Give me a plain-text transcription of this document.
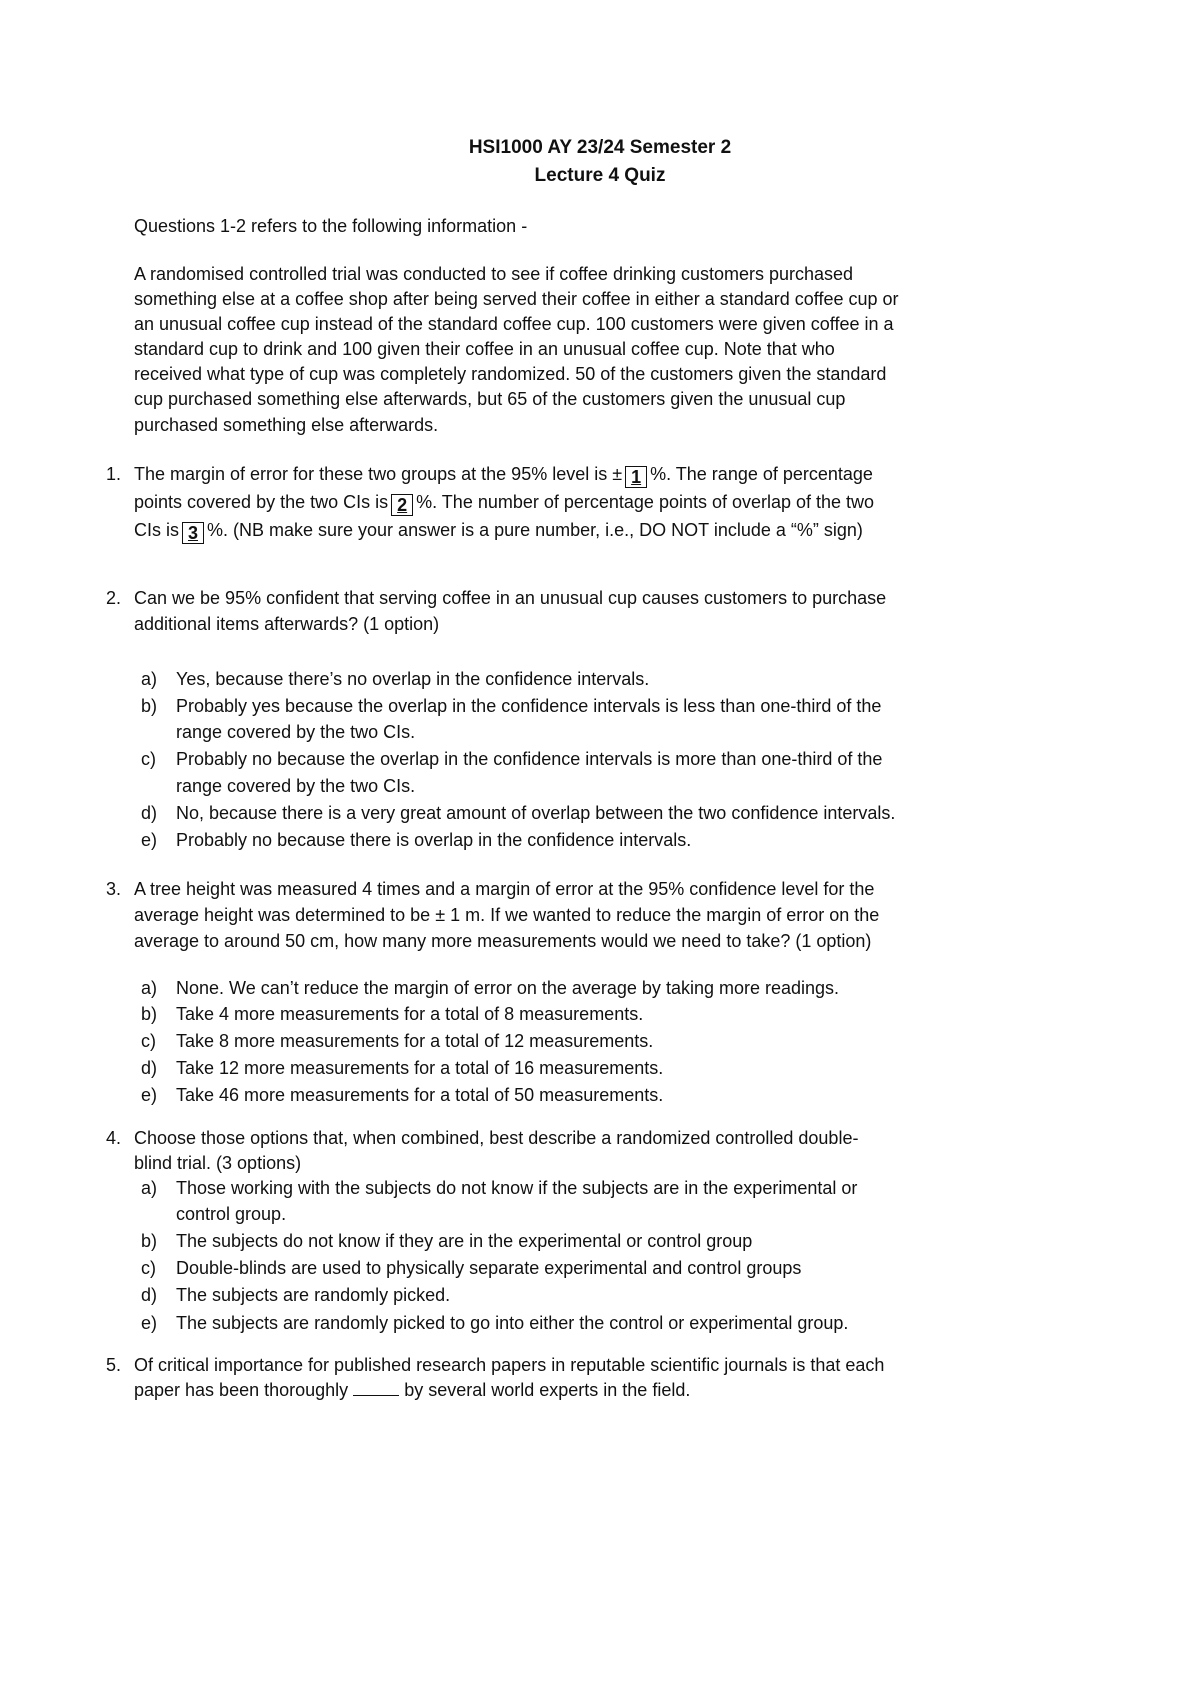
HSI1000 AY 23/24 Semester 2
Lecture 4 Quiz
Questions 1-2 refers to the following information -
A randomised controlled trial was conducted to see if coffee drinking customers purchased
something else at a coffee shop after being served their coffee in either a standard coffee cup or
an unusual coffee cup instead of the standard coffee cup. 100 customers were given coffee in a
standard cup to drink and 100 given their coffee in an unusual coffee cup. Note that who
received what type of cup was completely randomized. 50 of the customers given the standard
cup purchased something else afterwards, but 65 of the customers given the unusual cup
purchased something else afterwards.
1. The margin of error for these two groups at the 95% level is ± 1 %. The range of percentage
points covered by the two CIs is 2 %. The number of percentage points of overlap of the two
CIs is 3 %. (NB make sure your answer is a pure number, i.e., DO NOT include a “%” sign)
2. Can we be 95% confident that serving coffee in an unusual cup causes customers to purchase
additional items afterwards? (1 option)
a) Yes, because there’s no overlap in the confidence intervals.
b) Probably yes because the overlap in the confidence intervals is less than one-third of the
range covered by the two CIs.
c) Probably no because the overlap in the confidence intervals is more than one-third of the
range covered by the two CIs.
d) No, because there is a very great amount of overlap between the two confidence intervals.
e) Probably no because there is overlap in the confidence intervals.
3. A tree height was measured 4 times and a margin of error at the 95% confidence level for the
average height was determined to be ± 1 m. If we wanted to reduce the margin of error on the
average to around 50 cm, how many more measurements would we need to take? (1 option)
a) None. We can’t reduce the margin of error on the average by taking more readings.
b) Take 4 more measurements for a total of 8 measurements.
c) Take 8 more measurements for a total of 12 measurements.
d) Take 12 more measurements for a total of 16 measurements.
e) Take 46 more measurements for a total of 50 measurements.
4. Choose those options that, when combined, best describe a randomized controlled double-
blind trial. (3 options)
a) Those working with the subjects do not know if the subjects are in the experimental or
control group.
b) The subjects do not know if they are in the experimental or control group
c) Double-blinds are used to physically separate experimental and control groups
d) The subjects are randomly picked.
e) The subjects are randomly picked to go into either the control or experimental group.
5. Of critical importance for published research papers in reputable scientific journals is that each
paper has been thoroughly	by several world experts in the field.
